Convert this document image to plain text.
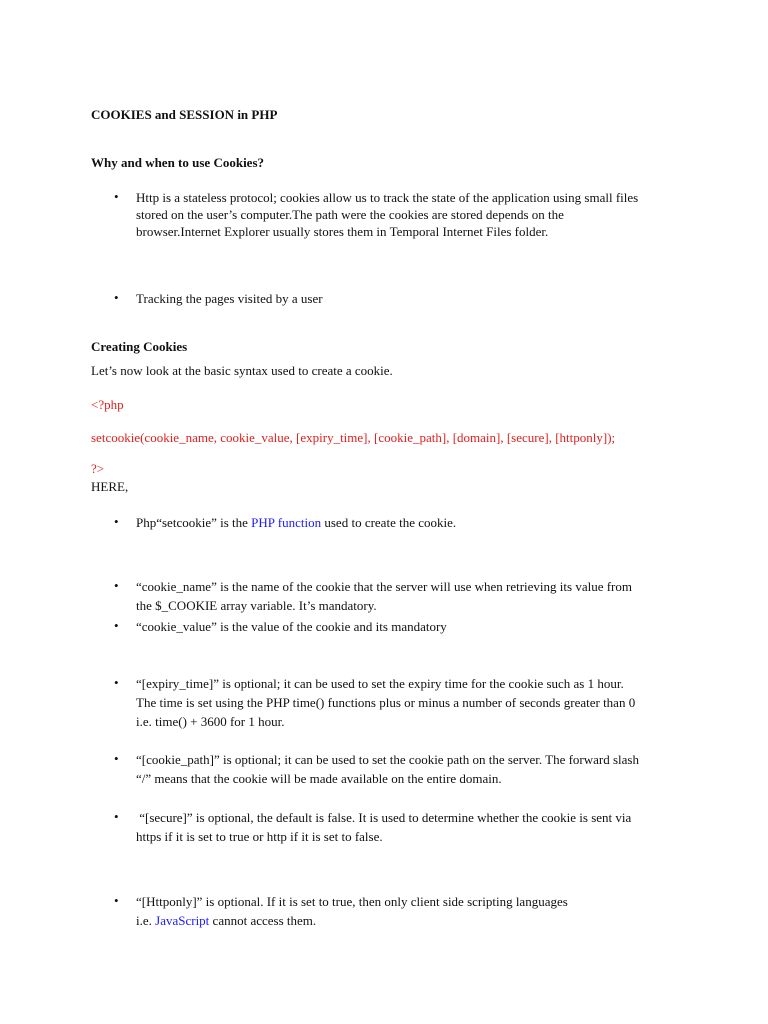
COOKIES and SESSION in PHP
Why and when to use Cookies?
• Http is a stateless protocol; cookies allow us to track the state of the application using small files
stored on the user’s computer.The path were the cookies are stored depends on the
browser.Internet Explorer usually stores them in Temporal Internet Files folder.
• Tracking the pages visited by a user
Creating Cookies
Let’s now look at the basic syntax used to create a cookie.
<?php
setcookie(cookie_name, cookie_value, [expiry_time], [cookie_path], [domain], [secure], [httponly]);
?>
HERE,
• Php“setcookie” is the PHP function used to create the cookie.
• “cookie_name” is the name of the cookie that the server will use when retrieving its value from
the $_COOKIE array variable. It’s mandatory.
• “cookie_value” is the value of the cookie and its mandatory
• “[expiry_time]” is optional; it can be used to set the expiry time for the cookie such as 1 hour.
The time is set using the PHP time() functions plus or minus a number of seconds greater than 0
i.e. time() + 3600 for 1 hour.
• “[cookie_path]” is optional; it can be used to set the cookie path on the server. The forward slash
“/” means that the cookie will be made available on the entire domain.
• “[secure]” is optional, the default is false. It is used to determine whether the cookie is sent via
https if it is set to true or http if it is set to false.
• “[Httponly]” is optional. If it is set to true, then only client side scripting languages
i.e. JavaScript cannot access them.
